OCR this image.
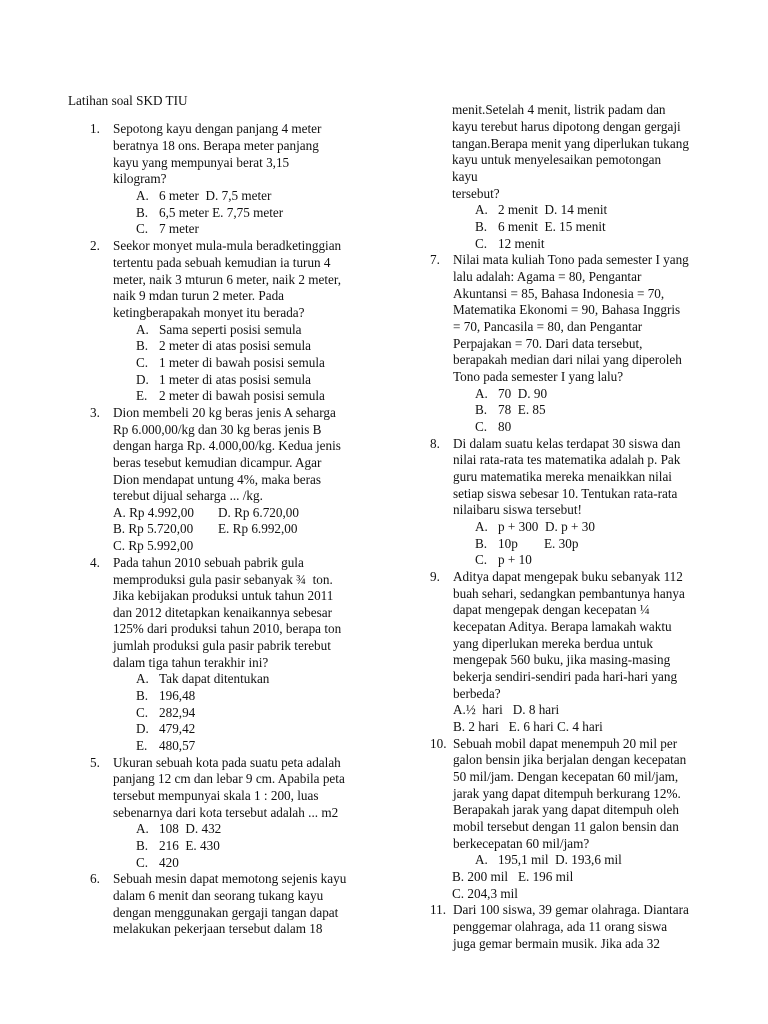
Latihan soal SKD TIU
1. Sepotong kayu dengan panjang 4 meter
beratnya 18 ons. Berapa meter panjang
kayu yang mempunyai berat 3,15
kilogram?
A. 6 meter  D. 7,5 meter
B. 6,5 meter E. 7,75 meter
C. 7 meter
2. Seekor monyet mula-mula beradketinggian
tertentu pada sebuah kemudian ia turun 4
meter, naik 3 mturun 6 meter, naik 2 meter,
naik 9 mdan turun 2 meter. Pada
ketingberapakah monyet itu berada?
A. Sama seperti posisi semula
B. 2 meter di atas posisi semula
C. 1 meter di bawah posisi semula
D. 1 meter di atas posisi semula
E. 2 meter di bawah posisi semula
3. Dion membeli 20 kg beras jenis A seharga
Rp 6.000,00/kg dan 30 kg beras jenis B
dengan harga Rp. 4.000,00/kg. Kedua jenis
beras tesebut kemudian dicampur. Agar
Dion mendapat untung 4%, maka beras
terebut dijual seharga ... /kg.
A. Rp 4.992,00 D. Rp 6.720,00
B. Rp 5.720,00 E. Rp 6.992,00
C. Rp 5.992,00
4. Pada tahun 2010 sebuah pabrik gula
memproduksi gula pasir sebanyak ¾  ton.
Jika kebijakan produksi untuk tahun 2011
dan 2012 ditetapkan kenaikannya sebesar
125% dari produksi tahun 2010, berapa ton
jumlah produksi gula pasir pabrik terebut
dalam tiga tahun terakhir ini?
A. Tak dapat ditentukan
B. 196,48
C. 282,94
D. 479,42
E. 480,57
5. Ukuran sebuah kota pada suatu peta adalah
panjang 12 cm dan lebar 9 cm. Apabila peta
tersebut mempunyai skala 1 : 200, luas
sebenarnya dari kota tersebut adalah ... m2
A. 108  D. 432
B. 216  E. 430
C. 420
6. Sebuah mesin dapat memotong sejenis kayu
dalam 6 menit dan seorang tukang kayu
dengan menggunakan gergaji tangan dapat
melakukan pekerjaan tersebut dalam 18
menit.Setelah 4 menit, listrik padam dan
kayu terebut harus dipotong dengan gergaji
tangan.Berapa menit yang diperlukan tukang
kayu untuk menyelesaikan pemotongan
kayu
tersebut?
A. 2 menit  D. 14 menit
B. 6 menit  E. 15 menit
C. 12 menit
7. Nilai mata kuliah Tono pada semester I yang
lalu adalah: Agama = 80, Pengantar
Akuntansi = 85, Bahasa Indonesia = 70,
Matematika Ekonomi = 90, Bahasa Inggris
= 70, Pancasila = 80, dan Pengantar
Perpajakan = 70. Dari data tersebut,
berapakah median dari nilai yang diperoleh
Tono pada semester I yang lalu?
A. 70  D. 90
B. 78  E. 85
C. 80
8. Di dalam suatu kelas terdapat 30 siswa dan
nilai rata-rata tes matematika adalah p. Pak
guru matematika mereka menaikkan nilai
setiap siswa sebesar 10. Tentukan rata-rata
nilaibaru siswa tersebut!
A. p + 300  D. p + 30
B. 10p E. 30p
C. p + 10
9. Aditya dapat mengepak buku sebanyak 112
buah sehari, sedangkan pembantunya hanya
dapat mengepak dengan kecepatan ¼
kecepatan Aditya. Berapa lamakah waktu
yang diperlukan mereka berdua untuk
mengepak 560 buku, jika masing-masing
bekerja sendiri-sendiri pada hari-hari yang
berbeda?
A.½  hari   D. 8 hari
B. 2 hari   E. 6 hari C. 4 hari
10. Sebuah mobil dapat menempuh 20 mil per
galon bensin jika berjalan dengan kecepatan
50 mil/jam. Dengan kecepatan 60 mil/jam,
jarak yang dapat ditempuh berkurang 12%.
Berapakah jarak yang dapat ditempuh oleh
mobil tersebut dengan 11 galon bensin dan
berkecepatan 60 mil/jam?
A. 195,1 mil  D. 193,6 mil
B. 200 mil   E. 196 mil
C. 204,3 mil
11. Dari 100 siswa, 39 gemar olahraga. Diantara
penggemar olahraga, ada 11 orang siswa
juga gemar bermain musik. Jika ada 32
